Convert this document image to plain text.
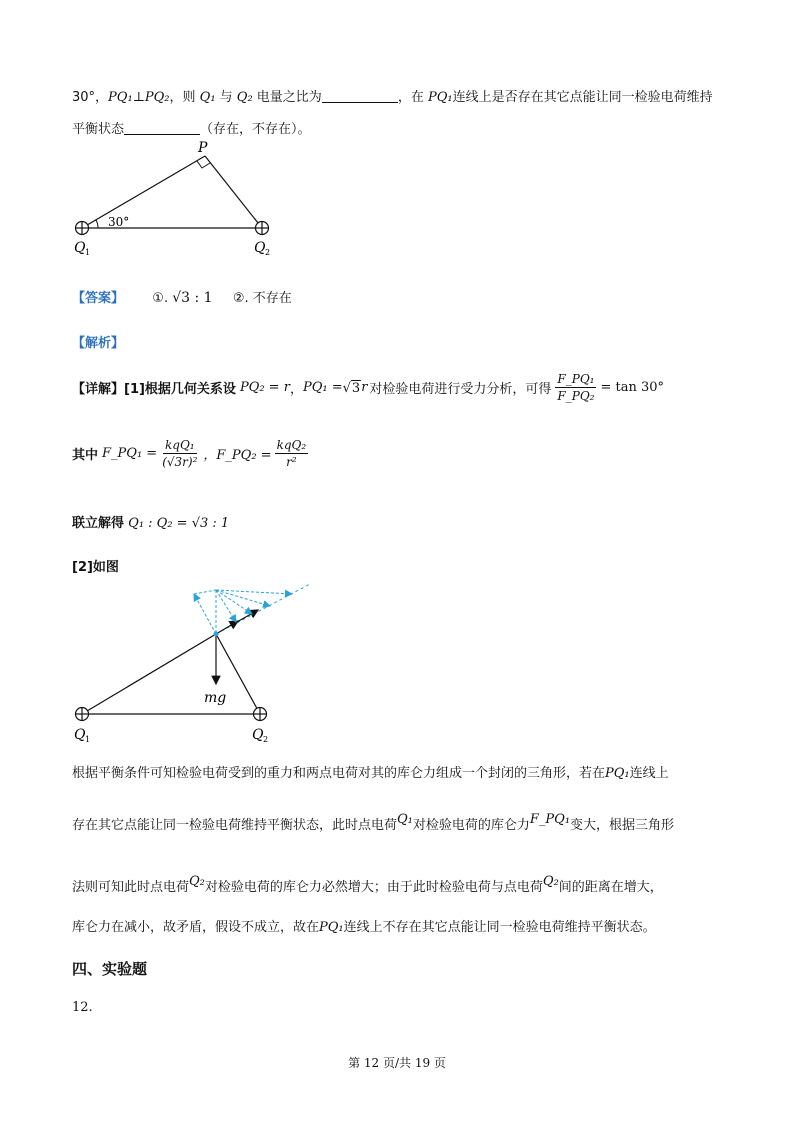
30°，PQ₁⊥PQ₂，则 Q₁ 与 Q₂ 电量之比为	，在 PQ₁连线上是否存在其它点能让同一检验电荷维持
平衡状态	（存在，不存在）。
P
30°
Q 1	Q 2
【答案】 ①. √3 : 1 ②. 不存在
【解析】
【详解】[1]根据几何关系设 PQ₂ = r ， PQ₁ = √3 r 对检验电荷进行受力分析，可得 $\frac{\text{F\_PQ₁}}{\text{F\_PQ₂}} = \tan 30^\circ$
其中 F_PQ₁ = $\frac{\text{kqQ₁}}{\text{(√3r)²}}$ ，F_PQ₂ = $\frac{\text{kqQ₂}}{\text{r²}}$
联立解得 Q₁ : Q₂ = √3 : 1
[2]如图
mg
Q 1	Q 2
根据平衡条件可知检验电荷受到的重力和两点电荷对其的库仑力组成一个封闭的三角形，若在PQ₁连线上
存在其它点能让同一检验电荷维持平衡状态，此时点电荷Q₁对检验电荷的库仑力F_PQ₁变大，根据三角形
法则可知此时点电荷Q₂对检验电荷的库仑力必然增大；由于此时检验电荷与点电荷Q₂间的距离在增大，
库仑力在减小，故矛盾，假设不成立，故在PQ₁连线上不存在其它点能让同一检验电荷维持平衡状态。
四、实验题
12.
第 12 页/共 19 页
